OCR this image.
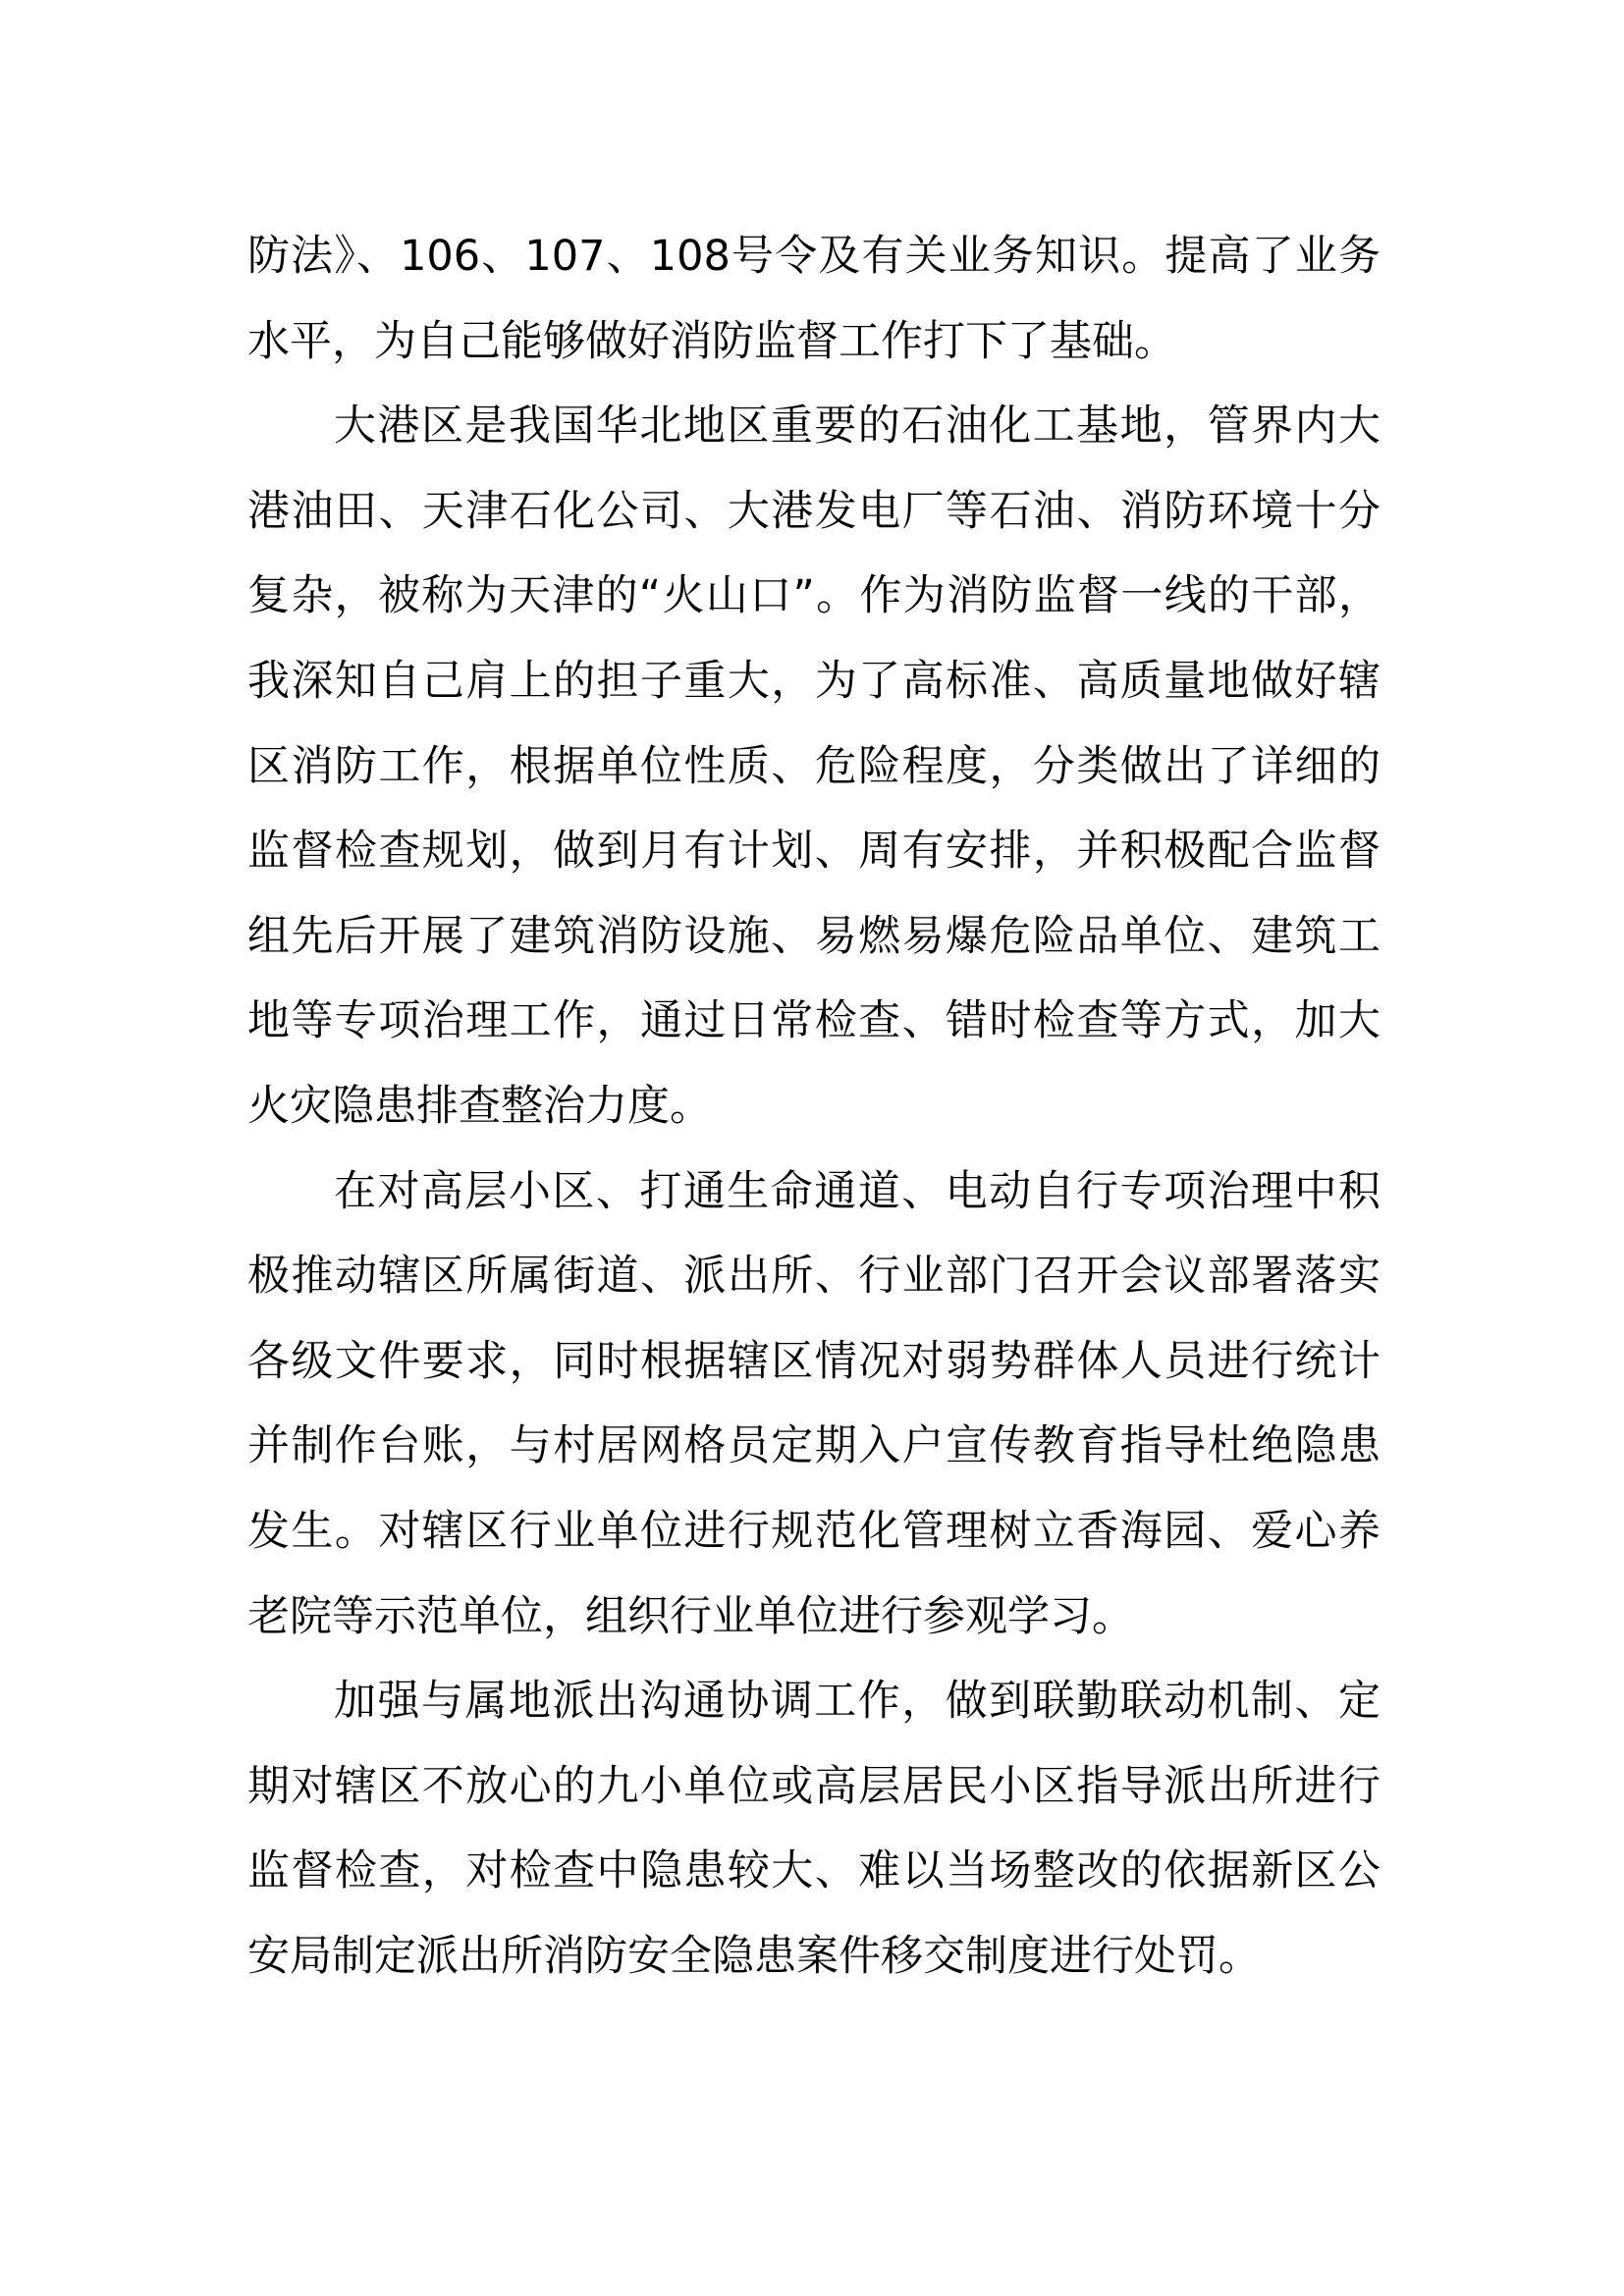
防法》、106、107、108号令及有关业务知识。提高了业务水平，为自己能够做好消防监督工作打下了基础。

大港区是我国华北地区重要的石油化工基地，管界内大港油田、天津石化公司、大港发电厂等石油、消防环境十分复杂，被称为天津的“火山口”。作为消防监督一线的干部，我深知自己肩上的担子重大，为了高标准、高质量地做好辖区消防工作，根据单位性质、危险程度，分类做出了详细的监督检查规划，做到月有计划、周有安排，并积极配合监督组先后开展了建筑消防设施、易燃易爆危险品单位、建筑工地等专项治理工作，通过日常检查、错时检查等方式，加大火灾隐患排查整治力度。

在对高层小区、打通生命通道、电动自行专项治理中积极推动辖区所属街道、派出所、行业部门召开会议部署落实各级文件要求，同时根据辖区情况对弱势群体人员进行统计并制作台账，与村居网格员定期入户宣传教育指导杜绝隐患发生。对辖区行业单位进行规范化管理树立香海园、爱心养老院等示范单位，组织行业单位进行参观学习。

加强与属地派出沟通协调工作，做到联勤联动机制、定期对辖区不放心的九小单位或高层居民小区指导派出所进行监督检查，对检查中隐患较大、难以当场整改的依据新区公安局制定派出所消防安全隐患案件移交制度进行处罚。
